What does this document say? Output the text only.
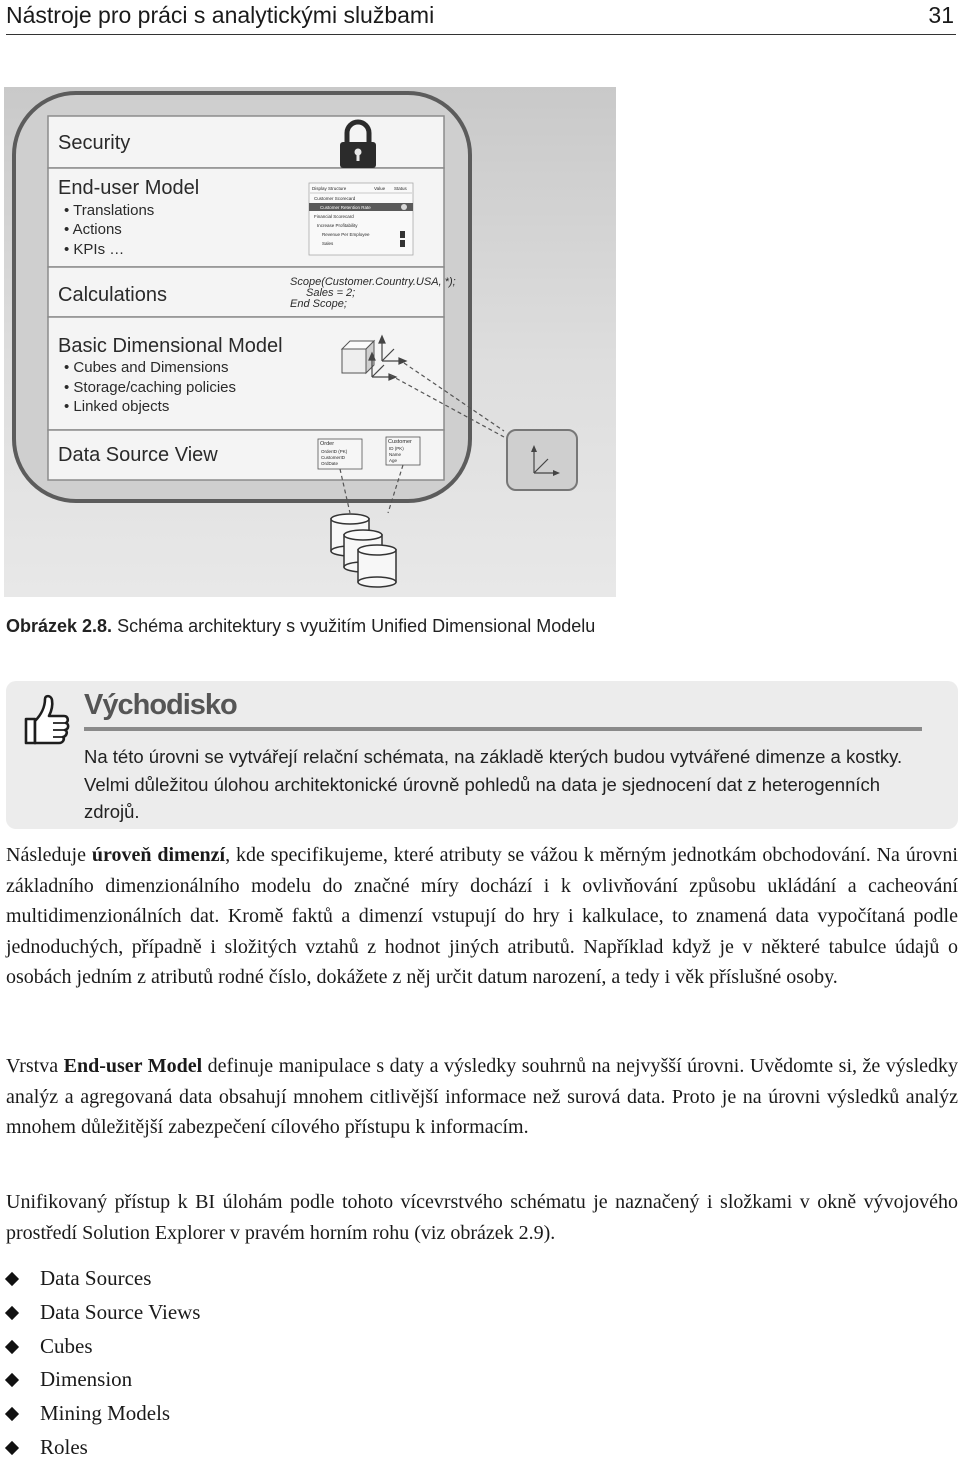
Nástroje pro práci s analytickými službami	31
Security
End-user Model
• Translations
• Actions
• KPIs …
Calculations
Basic Dimensional Model
• Cubes and Dimensions
• Storage/caching policies
• Linked objects
Data Source View
Display Structure	Value Status
Customer Scorecard
Customer Retention Rate
Financial Scorecard
Increase Profitability
Revenue Per Employee
Sales
Scope(Customer.Country.USA, *);
Sales = 2;
End Scope;
Order
OrderID (PK)
CustomerID
OrdDate
Customer
ID (PK)
Name
Age
Obrázek 2.8. Schéma architektury s využitím Unified Dimensional Modelu
Východisko
Na této úrovni se vytvářejí relační schémata, na základě kterých budou vytvářené dimenze a kostky. Velmi důležitou úlohou architektonické úrovně pohledů na data je sjednocení dat z heterogenních zdrojů.

Následuje úroveň dimenzí, kde specifikujeme, které atributy se vážou k měrným jednotkám obchodování. Na úrovni základního dimenzionálního modelu do značné míry dochází i k ovlivňování způsobu ukládání a cacheování multidimenzionálních dat. Kromě faktů a dimenzí vstupují do hry i kalkulace, to znamená data vypočítaná podle jednoduchých, případně i složitých vztahů z hodnot jiných atributů. Například když je v některé tabulce údajů o osobách jedním z atributů rodné číslo, dokážete z něj určit datum narození, a tedy i věk příslušné osoby.

Vrstva End-user Model definuje manipulace s daty a výsledky souhrnů na nejvyšší úrovni. Uvědomte si, že výsledky analýz a agregovaná data obsahují mnohem citlivější informace než surová data. Proto je na úrovni výsledků analýz mnohem důležitější zabezpečení cílového přístupu k informacím.

Unifikovaný přístup k BI úlohám podle tohoto vícevrstvého schématu je naznačený i složkami v okně vývojového prostředí Solution Explorer v pravém horním rohu (viz obrázek 2.9).

Data Sources
Data Source Views
Cubes
Dimension
Mining Models
Roles
